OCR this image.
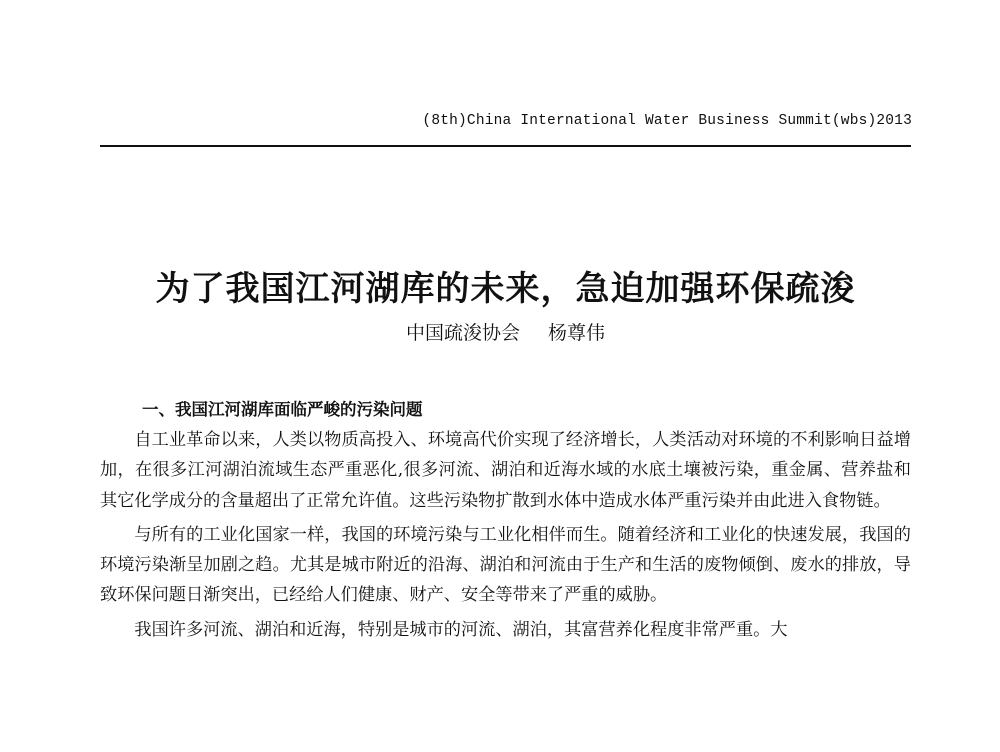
(8th)China International Water Business Summit(wbs)2013
为了我国江河湖库的未来，急迫加强环保疏浚
中国疏浚协会 杨尊伟
一、我国江河湖库面临严峻的污染问题

自工业革命以来，人类以物质高投入、环境高代价实现了经济增长，人类活动对环境的不利影响日益增加，在很多江河湖泊流域生态严重恶化,很多河流、湖泊和近海水域的水底土壤被污染，重金属、营养盐和其它化学成分的含量超出了正常允许值。这些污染物扩散到水体中造成水体严重污染并由此进入食物链。

与所有的工业化国家一样，我国的环境污染与工业化相伴而生。随着经济和工业化的快速发展，我国的环境污染渐呈加剧之趋。尤其是城市附近的沿海、湖泊和河流由于生产和生活的废物倾倒、废水的排放，导致环保问题日渐突出，已经给人们健康、财产、安全等带来了严重的威胁。

我国许多河流、湖泊和近海，特别是城市的河流、湖泊，其富营养化程度非常严重。大
